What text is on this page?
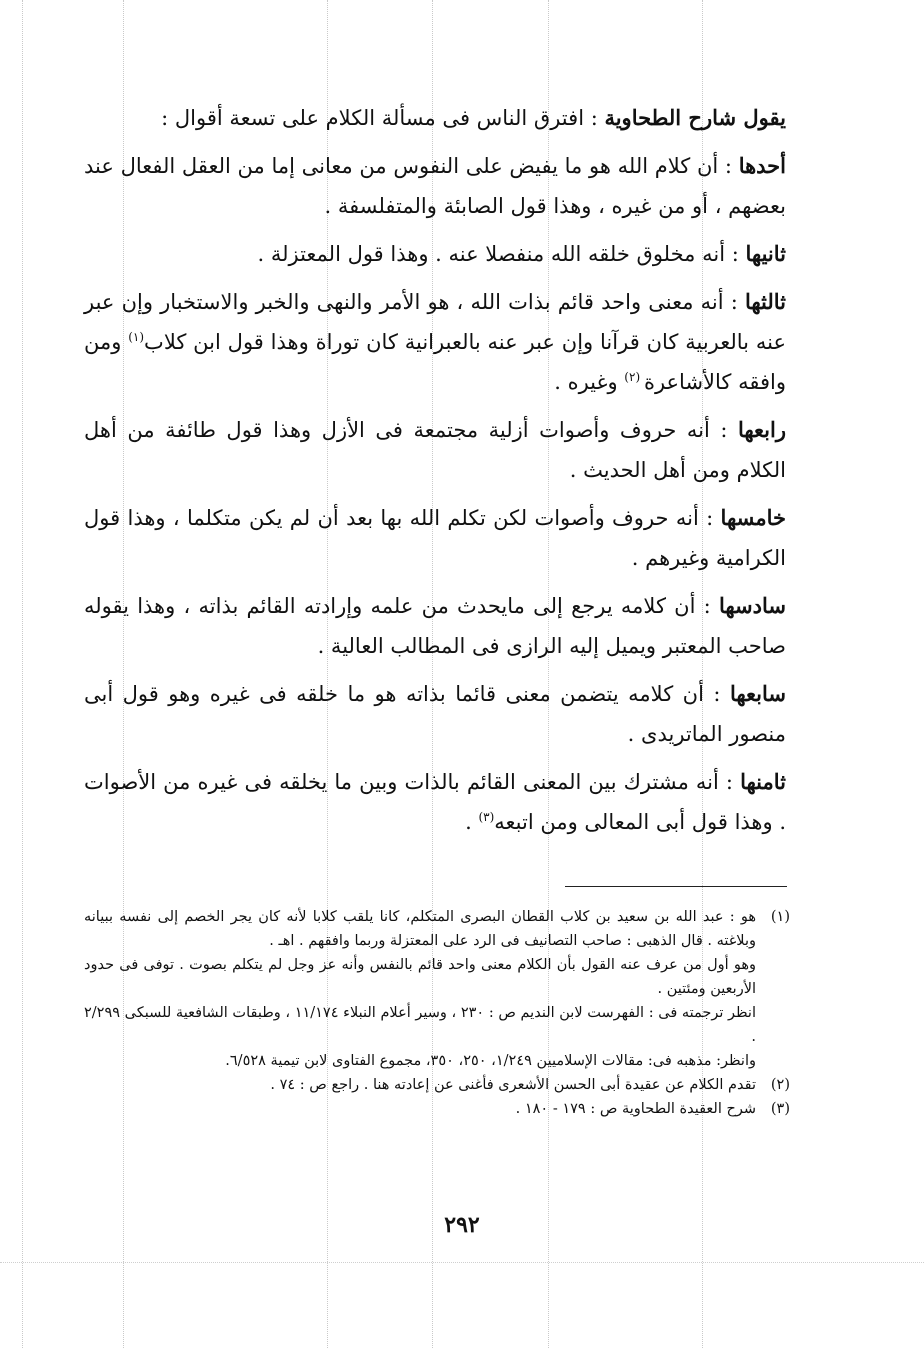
يقول شارح الطحاوية : افترق الناس فى مسألة الكلام على تسعة أقوال :

أحدها : أن كلام الله هو ما يفيض على النفوس من معانى إما من العقل الفعال عند بعضهم ، أو من غيره ، وهذا قول الصابئة والمتفلسفة .

ثانيها : أنه مخلوق خلقه الله منفصلا عنه . وهذا قول المعتزلة .

ثالثها : أنه معنى واحد قائم بذات الله ، هو الأمر والنهى والخبر والاستخبار وإن عبر عنه بالعربية كان قرآنا وإن عبر عنه بالعبرانية كان توراة وهذا قول ابن كلاب$^{(١)}$ ومن وافقه كالأشاعرة $^{(٢)}$ وغيره .

رابعها : أنه حروف وأصوات أزلية مجتمعة فى الأزل وهذا قول طائفة من أهل الكلام ومن أهل الحديث .

خامسها : أنه حروف وأصوات لكن تكلم الله بها بعد أن لم يكن متكلما ، وهذا قول الكرامية وغيرهم .

سادسها : أن كلامه يرجع إلى مايحدث من علمه وإرادته القائم بذاته ، وهذا يقوله صاحب المعتبر ويميل إليه الرازى فى المطالب العالية .

سابعها : أن كلامه يتضمن معنى قائما بذاته هو ما خلقه فى غيره وهو قول أبى منصور الماتريدى .

ثامنها : أنه مشترك بين المعنى القائم بالذات وبين ما يخلقه فى غيره من الأصوات . وهذا قول أبى المعالى ومن اتبعه$^{(٣)}$ .

(١)

هو : عبد الله بن سعيد بن كلاب القطان البصرى المتكلم، كانا يلقب كلابا لأنه كان يجر الخصم إلى نفسه ببيانه وبلاغته . قال الذهبى : صاحب التصانيف فى الرد على المعتزلة وربما وافقهم . اهـ .

وهو أول من عرف عنه القول بأن الكلام معنى واحد قائم بالنفس وأنه عز وجل لم يتكلم بصوت . توفى فى حدود الأربعين ومئتين .

انظر ترجمته فى : الفهرست لابن النديم ص : ٢٣٠ ، وسير أعلام النبلاء ١١/١٧٤ ، وطبقات الشافعية للسبكى ٢/٢٩٩ .

وانظر: مذهبه فى: مقالات الإسلاميين ١/٢٤٩، ٢٥٠، ٣٥٠، مجموع الفتاوى لابن تيمية ٦/٥٢٨.

(٢)

تقدم الكلام عن عقيدة أبى الحسن الأشعرى فأغنى عن إعادته هنا . راجع ص : ٧٤ .

(٣)

شرح العقيدة الطحاوية ص : ١٧٩ - ١٨٠ .

٢٩٢
